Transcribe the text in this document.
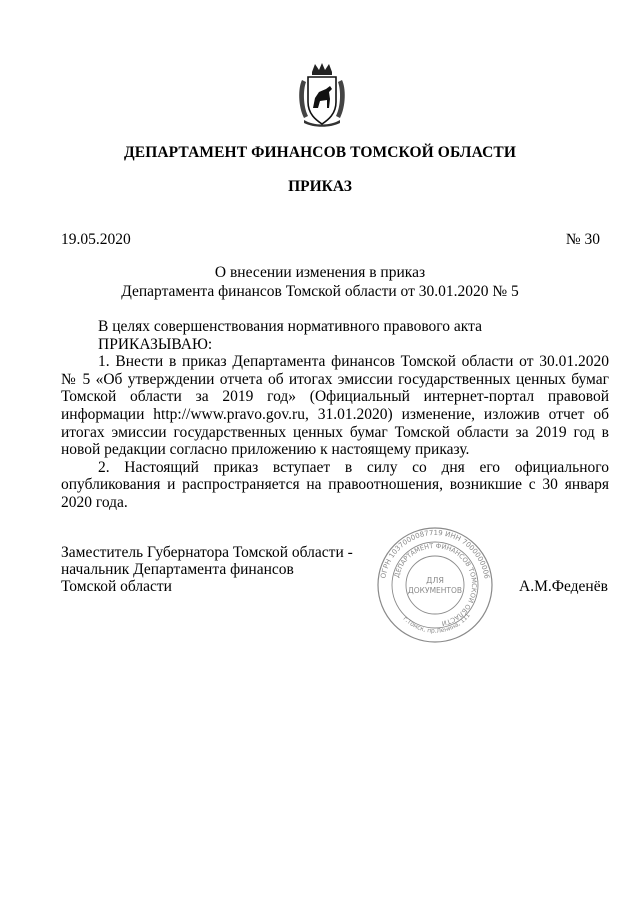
ДЕПАРТАМЕНТ ФИНАНСОВ ТОМСКОЙ ОБЛАСТИ
ПРИКАЗ
19.05.2020	№ 30
О внесении изменения в приказ
Департамента финансов Томской области от 30.01.2020 № 5

В целях совершенствования нормативного правового акта

ПРИКАЗЫВАЮ:

1. Внести в приказ Департамента финансов Томской области от 30.01.2020 № 5 «Об утверждении отчета об итогах эмиссии государственных ценных бумаг Томской области за 2019 год» (Официальный интернет-портал правовой информации http://www.pravo.gov.ru, 31.01.2020) изменение, изложив отчет об итогах эмиссии государственных ценных бумаг Томской области за 2019 год в новой редакции согласно приложению к настоящему приказу.

2. Настоящий приказ вступает в силу со дня его официального опубликования и распространяется на правоотношения, возникшие с 30 января 2020 года.

Заместитель Губернатора Томской области -
начальник Департамента финансов
Томской области
ОГРН 1037000087719 ИНН 7000000006
ДЕПАРТАМЕНТ ФИНАНСОВ ТОМСКОЙ ОБЛАСТИ
г.Томск, пр.Ленина, 111
ДЛЯ
ДОКУМЕНТОВ	А.М.Феденёв
